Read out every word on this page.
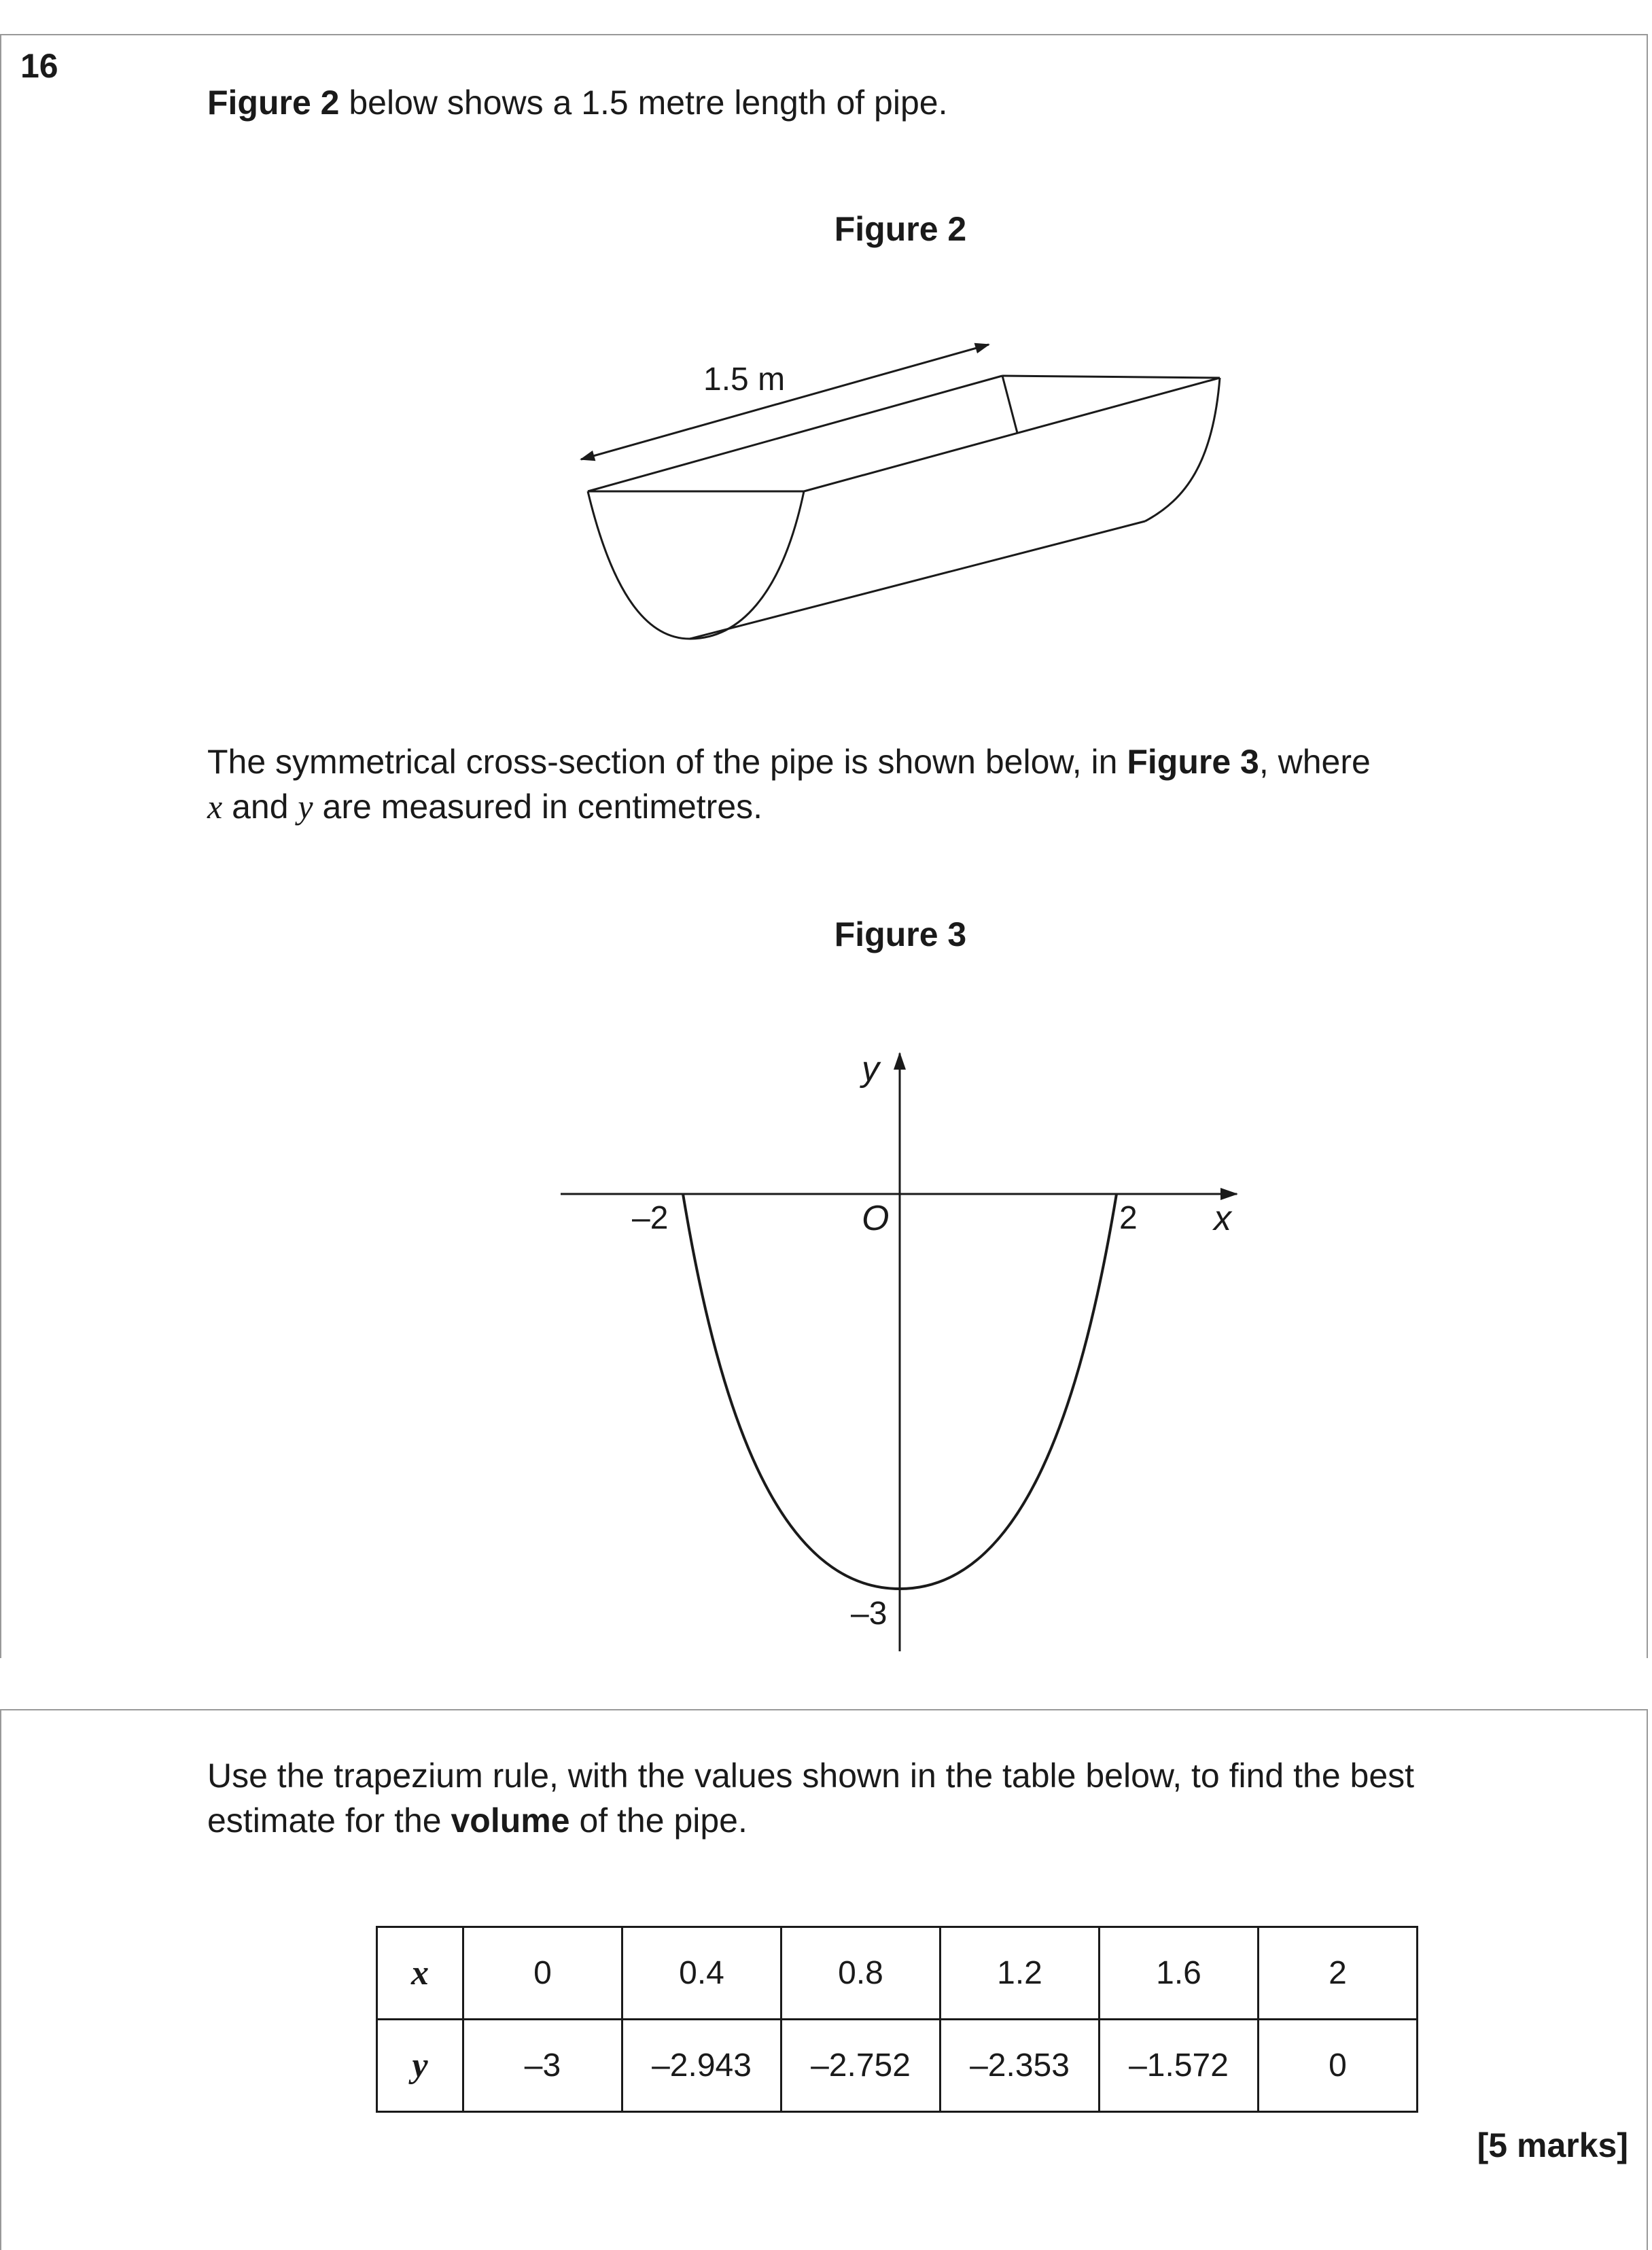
16

Figure 2 below shows a 1.5 metre length of pipe.

Figure 2
1.5 m

The symmetrical cross-section of the pipe is shown below, in Figure 3, where
x and y are measured in centimetres.

Figure 3
y
x
O
–2	2
–3

Use the trapezium rule, with the values shown in the table below, to find the best
estimate for the volume of the pipe.

x	0	0.4	0.8	1.2	1.6	2
y	–3	–2.943	–2.752	–2.353	–1.572	0
[5 marks]
